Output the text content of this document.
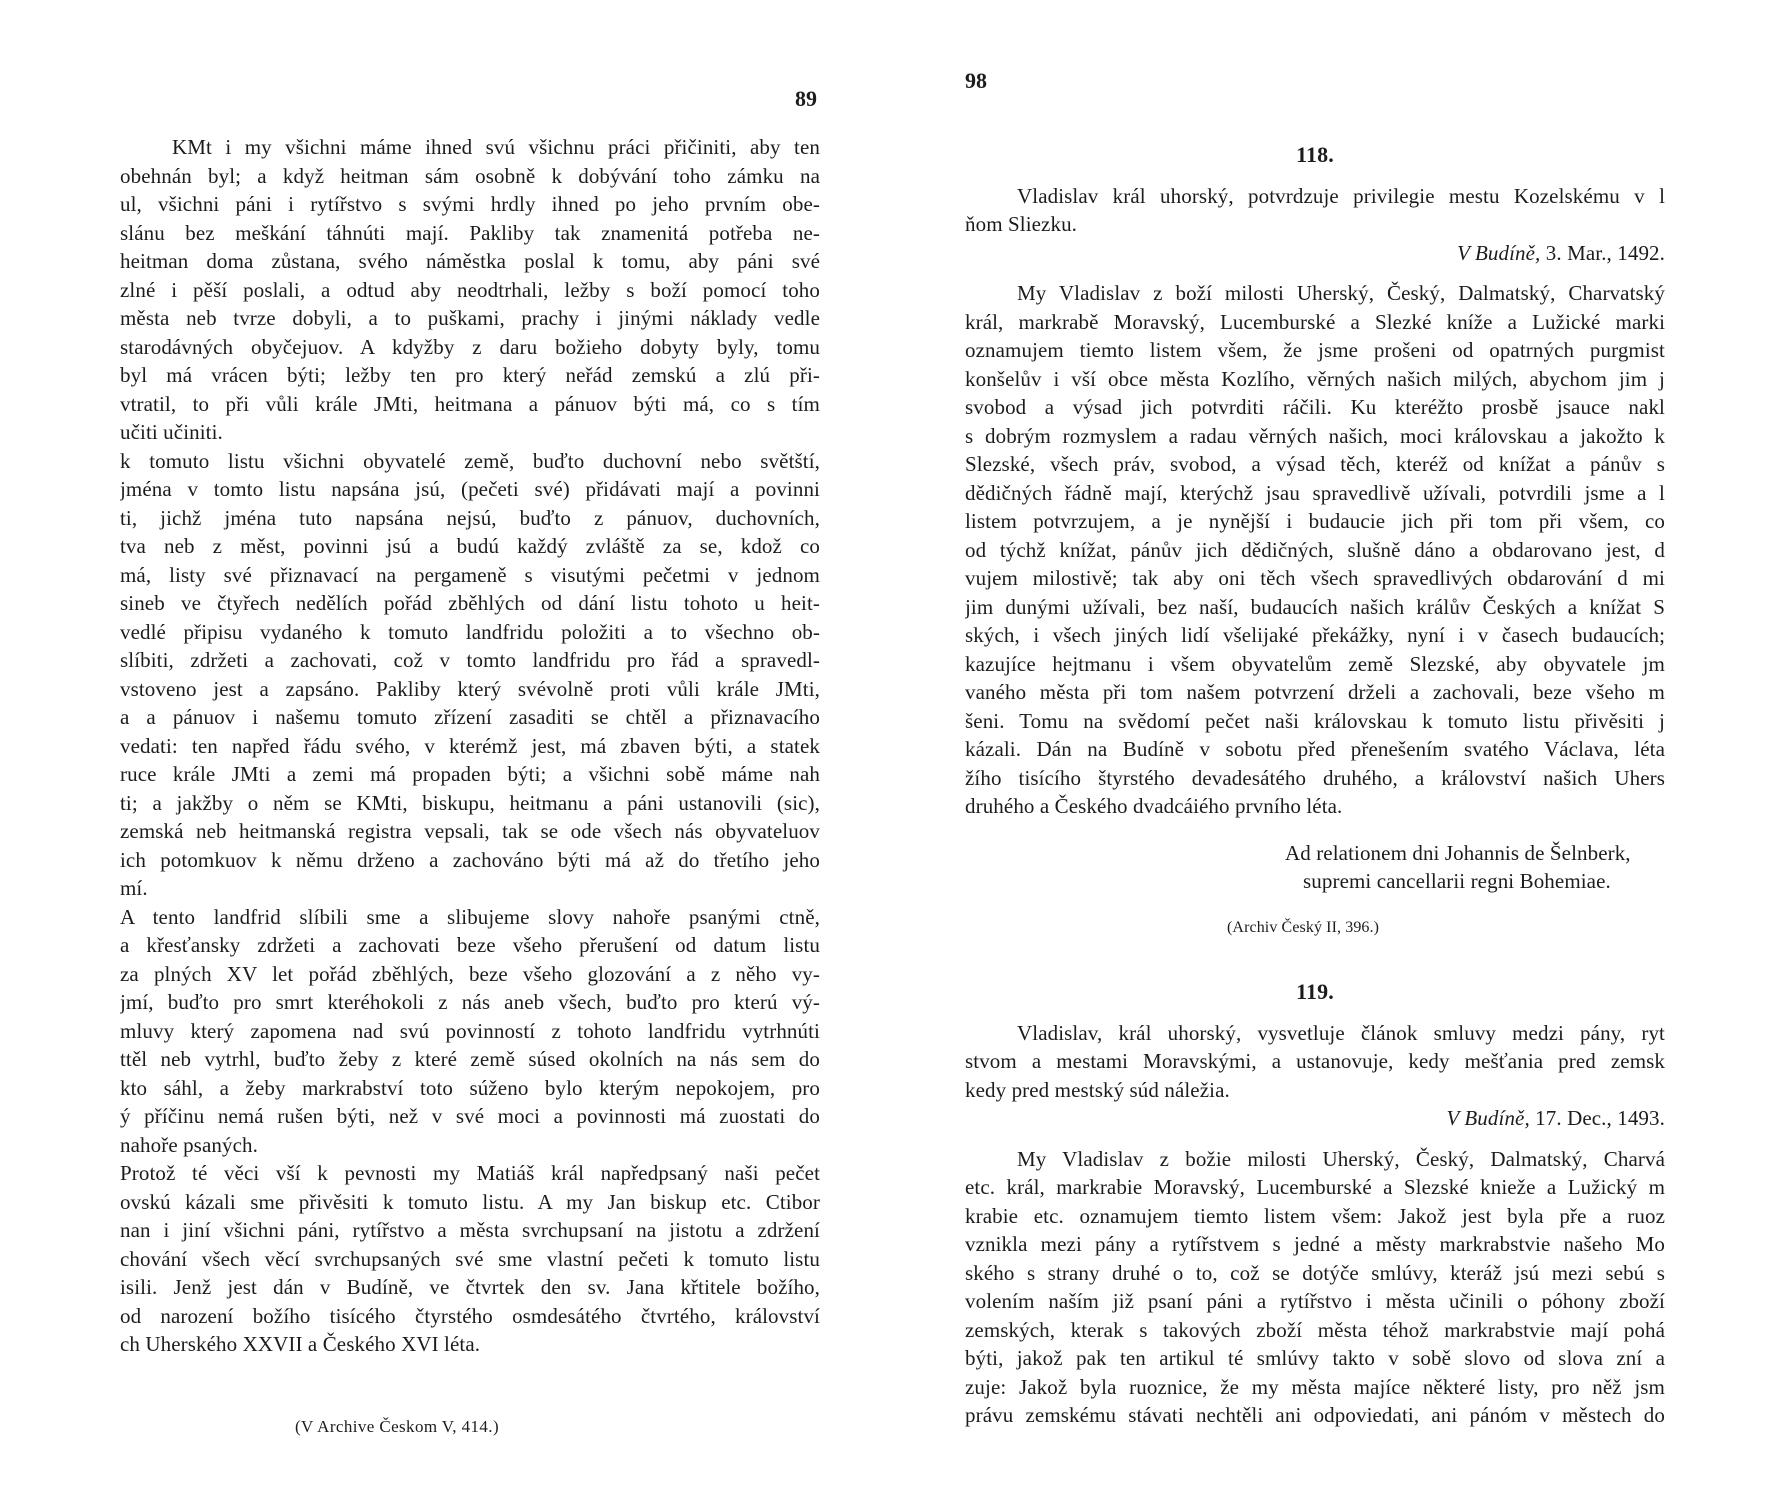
89
KMt i my všichni máme ihned svú všichnu práci přičiniti, aby ten
obehnán byl; a když heitman sám osobně k dobývání toho zámku na
ul, všichni páni i rytířstvo s svými hrdly ihned po jeho prvním obe-
slánu bez meškání táhnúti mají. Pakliby tak znamenitá potřeba ne-
heitman doma zůstana, svého náměstka poslal k tomu, aby páni své
zlné i pěší poslali, a odtud aby neodtrhali, ležby s boží pomocí toho
města neb tvrze dobyli, a to puškami, prachy i jinými náklady vedle
starodávných obyčejuov. A kdyžby z daru božieho dobyty byly, tomu
byl má vrácen býti; ležby ten pro který neřád zemskú a zlú při-
vtratil, to při vůli krále JMti, heitmana a pánuov býti má, co s tím
učiti učiniti.
k tomuto listu všichni obyvatelé země, buďto duchovní nebo světští,
jména v tomto listu napsána jsú, (pečeti své) přidávati mají a povinni
ti, jichž jména tuto napsána nejsú, buďto z pánuov, duchovních,
tva neb z měst, povinni jsú a budú každý zvláště za se, kdož co
má, listy své přiznavací na pergameně s visutými pečetmi v jednom
sineb ve čtyřech nedělích pořád zběhlých od dání listu tohoto u heit-
vedlé připisu vydaného k tomuto landfridu položiti a to všechno ob-
slíbiti, zdržeti a zachovati, což v tomto landfridu pro řád a spravedl-
vstoveno jest a zapsáno. Pakliby který svévolně proti vůli krále JMti,
a a pánuov i našemu tomuto zřízení zasaditi se chtěl a přiznavacího
vedati: ten napřed řádu svého, v kterémž jest, má zbaven býti, a statek
ruce krále JMti a zemi má propaden býti; a všichni sobě máme nah
ti; a jakžby o něm se KMti, biskupu, heitmanu a páni ustanovili (sic),
zemská neb heitmanská registra vepsali, tak se ode všech nás obyvateluov
ich potomkuov k němu drženo a zachováno býti má až do třetího jeho
mí.
A tento landfrid slíbili sme a slibujeme slovy nahoře psanými ctně,
a křesťansky zdržeti a zachovati beze všeho přerušení od datum listu
za plných XV let pořád zběhlých, beze všeho glozování a z něho vy-
jmí, buďto pro smrt kteréhokoli z nás aneb všech, buďto pro kterú vý-
mluvy který zapomena nad svú povinností z tohoto landfridu vytrhnúti
ttěl neb vytrhl, buďto žeby z které země súsed okolních na nás sem do
kto sáhl, a žeby markrabství toto súženo bylo kterým nepokojem, pro
ý příčinu nemá rušen býti, než v své moci a povinnosti má zuostati do
nahoře psaných.
Protož té věci vší k pevnosti my Matiáš král napředpsaný naši pečet
ovskú kázali sme přivěsiti k tomuto listu. A my Jan biskup etc. Ctibor
nan i jiní všichni páni, rytířstvo a města svrchupsaní na jistotu a zdržení
chování všech věcí svrchupsaných své sme vlastní pečeti k tomuto listu
isili. Jenž jest dán v Budíně, ve čtvrtek den sv. Jana křtitele božího,
od narození božího tisícého čtyrstého osmdesátého čtvrtého, království
ch Uherského XXVII a Českého XVI léta.
(V Archive Českom V, 414.)
98
118.
Vladislav král uhorský, potvrdzuje privilegie mestu Kozelskému v l
ňom Sliezku.
V Budíně, 3. Mar., 1492.
My Vladislav z boží milosti Uherský, Český, Dalmatský, Charvatský
král, markrabě Moravský, Lucemburské a Slezké kníže a Lužické marki
oznamujem tiemto listem všem, že jsme prošeni od opatrných purgmist
konšelův i vší obce města Kozlího, věrných našich milých, abychom jim j
svobod a výsad jich potvrditi ráčili. Ku kteréžto prosbě jsauce nakl
s dobrým rozmyslem a radau věrných našich, moci královskau a jakožto k
Slezské, všech práv, svobod, a výsad těch, kteréž od knížat a pánův s
dědičných řádně mají, kterýchž jsau spravedlivě užívali, potvrdili jsme a l
listem potvrzujem, a je nynější i budaucie jich při tom při všem, co
od týchž knížat, pánův jich dědičných, slušně dáno a obdarovano jest, d
vujem milostivě; tak aby oni těch všech spravedlivých obdarování d mi
jim dunými užívali, bez naší, budaucích našich králův Českých a knížat S
ských, i všech jiných lidí všelijaké překážky, nyní i v časech budaucích;
kazujíce hejtmanu i všem obyvatelům země Slezské, aby obyvatele jm
vaného města při tom našem potvrzení drželi a zachovali, beze všeho m
šeni. Tomu na svědomí pečet naši královskau k tomuto listu přivěsiti j
kázali. Dán na Budíně v sobotu před přenešením svatého Václava, léta
žího tisícího štyrstého devadesátého druhého, a království našich Uhers
druhého a Českého dvadcáiého prvního léta.
Ad relationem dni Johannis de Šelnberk,
supremi cancellarii regni Bohemiae.
(Archiv Český II, 396.)
119.
Vladislav, král uhorský, vysvetluje článok smluvy medzi pány, ryt
stvom a mestami Moravskými, a ustanovuje, kedy mešťania pred zemsk
kedy pred mestský súd náležia.
V Budíně, 17. Dec., 1493.
My Vladislav z božie milosti Uherský, Český, Dalmatský, Charvá
etc. král, markrabie Moravský, Lucemburské a Slezské knieže a Lužický m
krabie etc. oznamujem tiemto listem všem: Jakož jest byla pře a ruoz
vznikla mezi pány a rytířstvem s jedné a městy markrabstvie našeho Mo
ského s strany druhé o to, což se dotýče smlúvy, kteráž jsú mezi sebú s
volením naším již psaní páni a rytířstvo i města učinili o póhony zboží
zemských, kterak s takových zboží města téhož markrabstvie mají pohá
býti, jakož pak ten artikul té smlúvy takto v sobě slovo od slova zní a
zuje: Jakož byla ruoznice, že my města majíce některé listy, pro něž jsm
právu zemskému stávati nechtěli ani odpoviedati, ani pánóm v městech do
